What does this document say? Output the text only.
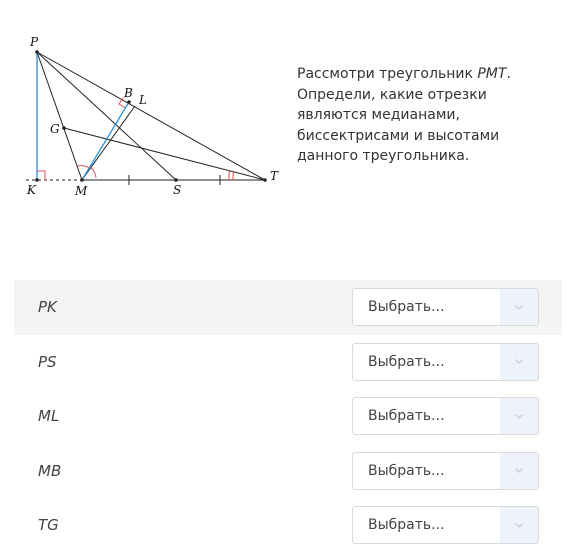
P
B L
G
K	M	S
T

Рассмотри треугольник PMT.
Определи, какие отрезки
являются медианами,
биссектрисами и высотами
данного треугольника.

PK	Выбрать...
PS	Выбрать...
ML	Выбрать...
MB	Выбрать...
TG	Выбрать...
